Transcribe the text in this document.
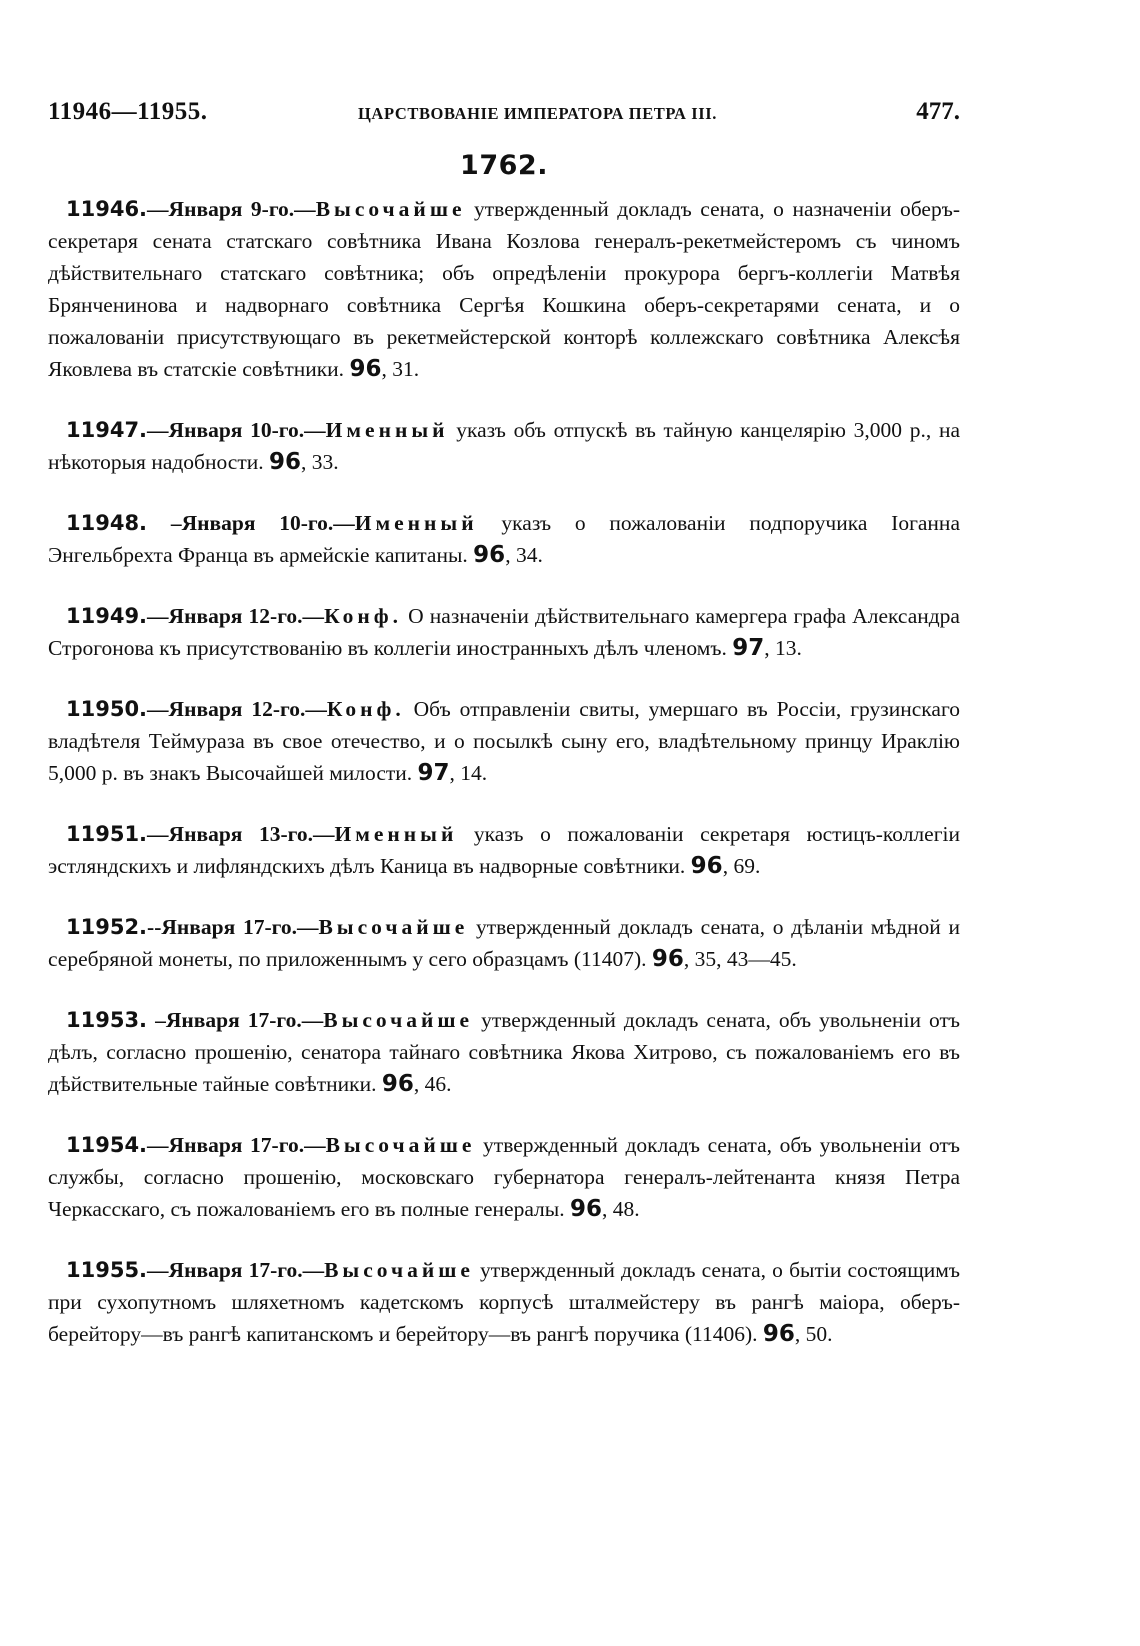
11946—11955.	ЦАРСТВОВАНІЕ ИМПЕРАТОРА ПЕТРА III.	477.
1762.

11946.—Января 9-го.—Высочайше утвержденный докладъ сената, о назначеніи оберъ-секретаря сената статскаго совѣтника Ивана Козлова генералъ-рекетмейстеромъ съ чиномъ дѣйствительнаго статскаго совѣтника; объ опредѣленіи прокурора бергъ-коллегіи Матвѣя Брянченинова и надворнаго совѣтника Сергѣя Кошкина оберъ-секретарями сената, и о пожалованіи присутствующаго въ рекетмейстерской конторѣ коллежскаго совѣтника Алексѣя Яковлева въ статскіе совѣтники. 96, 31.

11947.—Января 10-го.—Именный указъ объ отпускѣ въ тайную канцелярію 3,000 р., на нѣкоторыя надобности. 96, 33.

11948. –Января 10-го.—Именный указъ о пожалованіи подпоручика Іоганна Энгельбрехта Франца въ армейскіе капитаны. 96, 34.

11949.—Января 12-го.—Конф. О назначеніи дѣйствительнаго камергера графа Александра Строгонова къ присутствованію въ коллегіи иностранныхъ дѣлъ членомъ. 97, 13.

11950.—Января 12-го.—Конф. Объ отправленіи свиты, умершаго въ Россіи, грузинскаго владѣтеля Теймураза въ свое отечество, и о посылкѣ сыну его, владѣтельному принцу Ираклію 5,000 р. въ знакъ Высочайшей милости. 97, 14.

11951.—Января 13-го.—Именный указъ о пожалованіи секретаря юстицъ-коллегіи эстляндскихъ и лифляндскихъ дѣлъ Каница въ надворные совѣтники. 96, 69.

11952.--Января 17-го.—Высочайше утвержденный докладъ сената, о дѣланіи мѣдной и серебряной монеты, по приложеннымъ у сего образцамъ (11407). 96, 35, 43—45.

11953. –Января 17-го.—Высочайше утвержденный докладъ сената, объ увольненіи отъ дѣлъ, согласно прошенію, сенатора тайнаго совѣтника Якова Хитрово, съ пожалованіемъ его въ дѣйствительные тайные совѣтники. 96, 46.

11954.—Января 17-го.—Высочайше утвержденный докладъ сената, объ увольненіи отъ службы, согласно прошенію, московскаго губернатора генералъ-лейтенанта князя Петра Черкасскаго, съ пожалованіемъ его въ полные генералы. 96, 48.

11955.—Января 17-го.—Высочайше утвержденный докладъ сената, о бытіи состоящимъ при сухопутномъ шляхетномъ кадетскомъ корпусѣ шталмейстеру въ рангѣ маіора, оберъ-берейтору—въ рангѣ капитанскомъ и берейтору—въ рангѣ поручика (11406). 96, 50.
